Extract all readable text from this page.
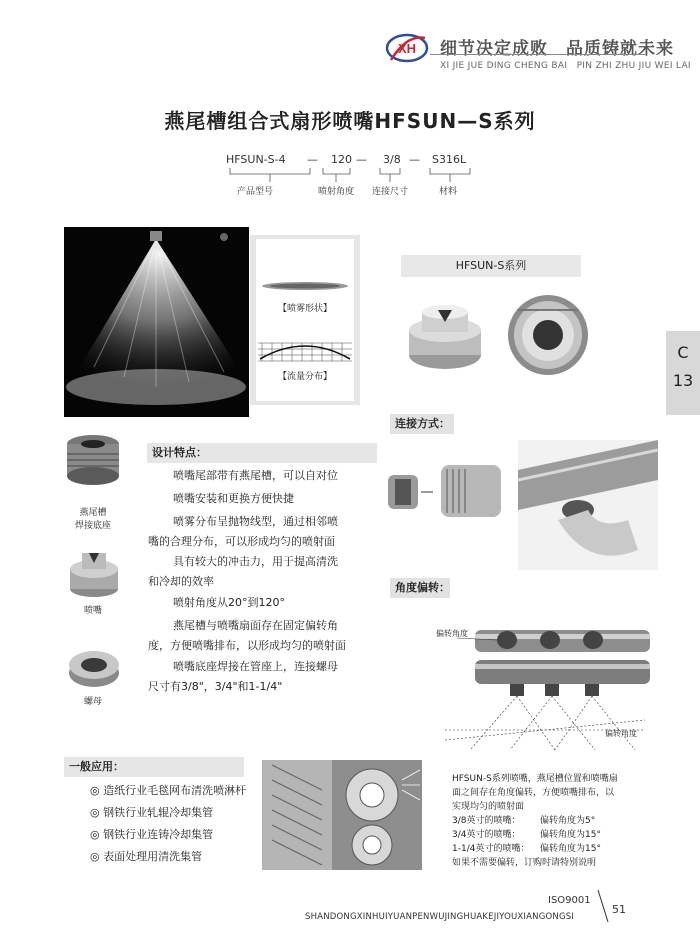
XH 细节决定成败　品质铸就未来
XI JIE JUE DING CHENG BAI　PIN ZHI ZHU JIU WEI LAI
燕尾槽组合式扇形喷嘴HFSUN—S系列
HFSUN-S-4 — 120 — 3/8 — S316L
产品型号	喷射角度 连接尺寸	材料
【喷雾形状】
【流量分布】
HFSUN-S系列
C
13
连接方式：
角度偏转：
偏转角度
偏转角度
HFSUN-S系列喷嘴，燕尾槽位置和喷嘴扇
面之间存在角度偏转，方便喷嘴排布，以
实现均匀的喷射面
3/8英寸的喷嘴： 偏转角度为5°
3/4英寸的喷嘴： 偏转角度为15°
1-1/4英寸的喷嘴： 偏转角度为15°
如果不需要偏转，订购时请特别说明
燕尾槽
焊接底座
喷嘴
螺母
设计特点：
喷嘴尾部带有燕尾槽，可以自对位
喷嘴安装和更换方便快捷
喷雾分布呈抛物线型，通过相邻喷
嘴的合理分布，可以形成均匀的喷射面
具有较大的冲击力，用于提高清洗
和冷却的效率
喷射角度从20°到120°
燕尾槽与喷嘴扇面存在固定偏转角
度，方便喷嘴排布，以形成均匀的喷射面
喷嘴底座焊接在管座上，连接螺母
尺寸有3/8"，3/4"和1-1/4"
一般应用：
◎ 造纸行业毛毯网布清洗喷淋杆
◎ 钢铁行业轧辊冷却集管
◎ 钢铁行业连铸冷却集管
◎ 表面处理用清洗集管
ISO9001
51
SHANDONGXINHUIYUANPENWUJINGHUAKEJIYOUXIANGONGSI
